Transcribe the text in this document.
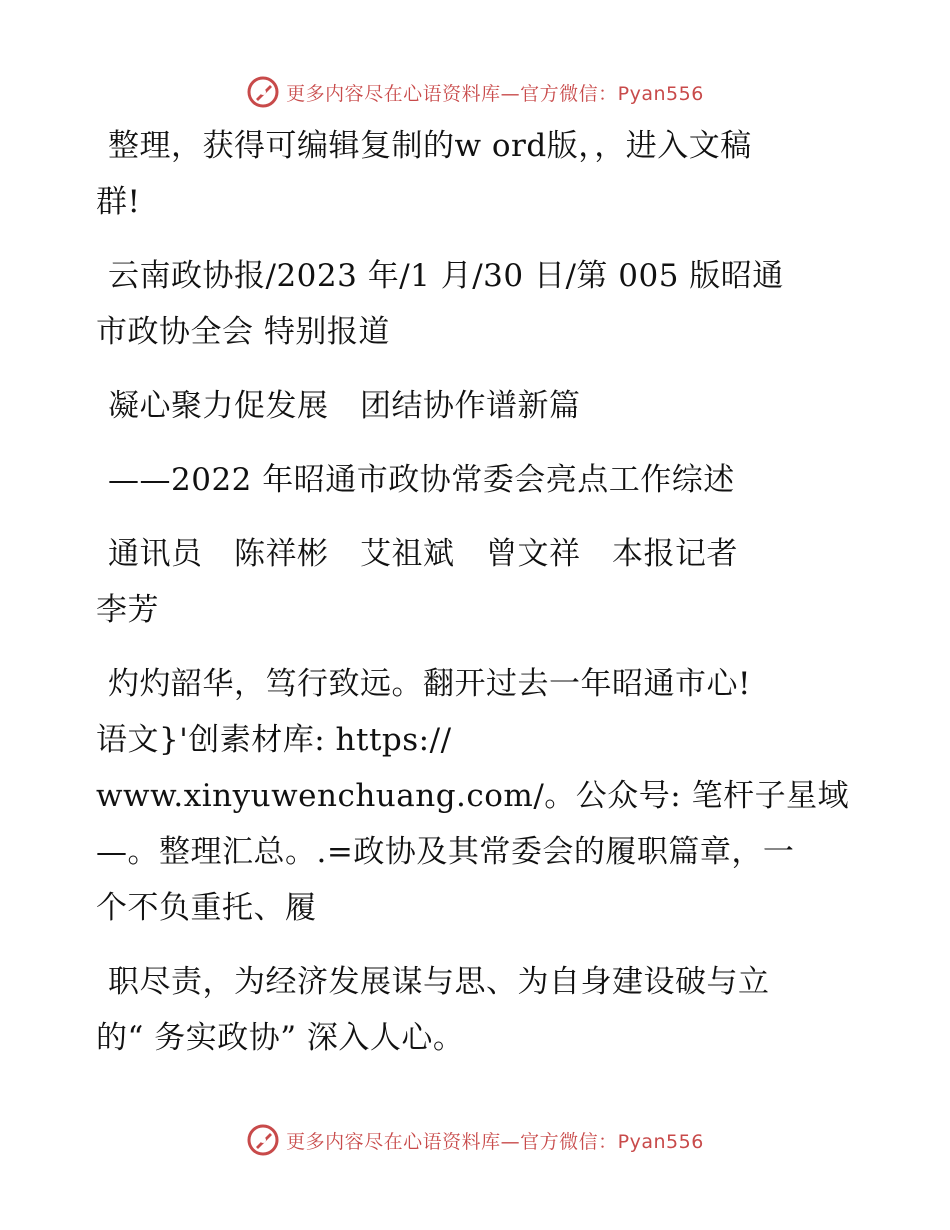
更多内容尽在心语资料库—官方微信：Pyan556
整理，获得可编辑复制的w ord版，，进入文稿
群!
云南政协报/2023 年/1 月/30 日/第 005 版昭通
市政协全会 特别报道
凝心聚力促发展　团结协作谱新篇
——2022 年昭通市政协常委会亮点工作综述
通讯员　陈祥彬　艾祖斌　曾文祥　本报记者
李芳
灼灼韶华，笃行致远。翻开过去一年昭通市心!
语文}'创素材库: https://
www.xinyuwenchuang.com/。公众号: 笔杆子星域
—。整理汇总。.=政协及其常委会的履职篇章，一
个不负重托、履
职尽责，为经济发展谋与思、为自身建设破与立
的“ 务实政协” 深入人心。
更多内容尽在心语资料库—官方微信：Pyan556
